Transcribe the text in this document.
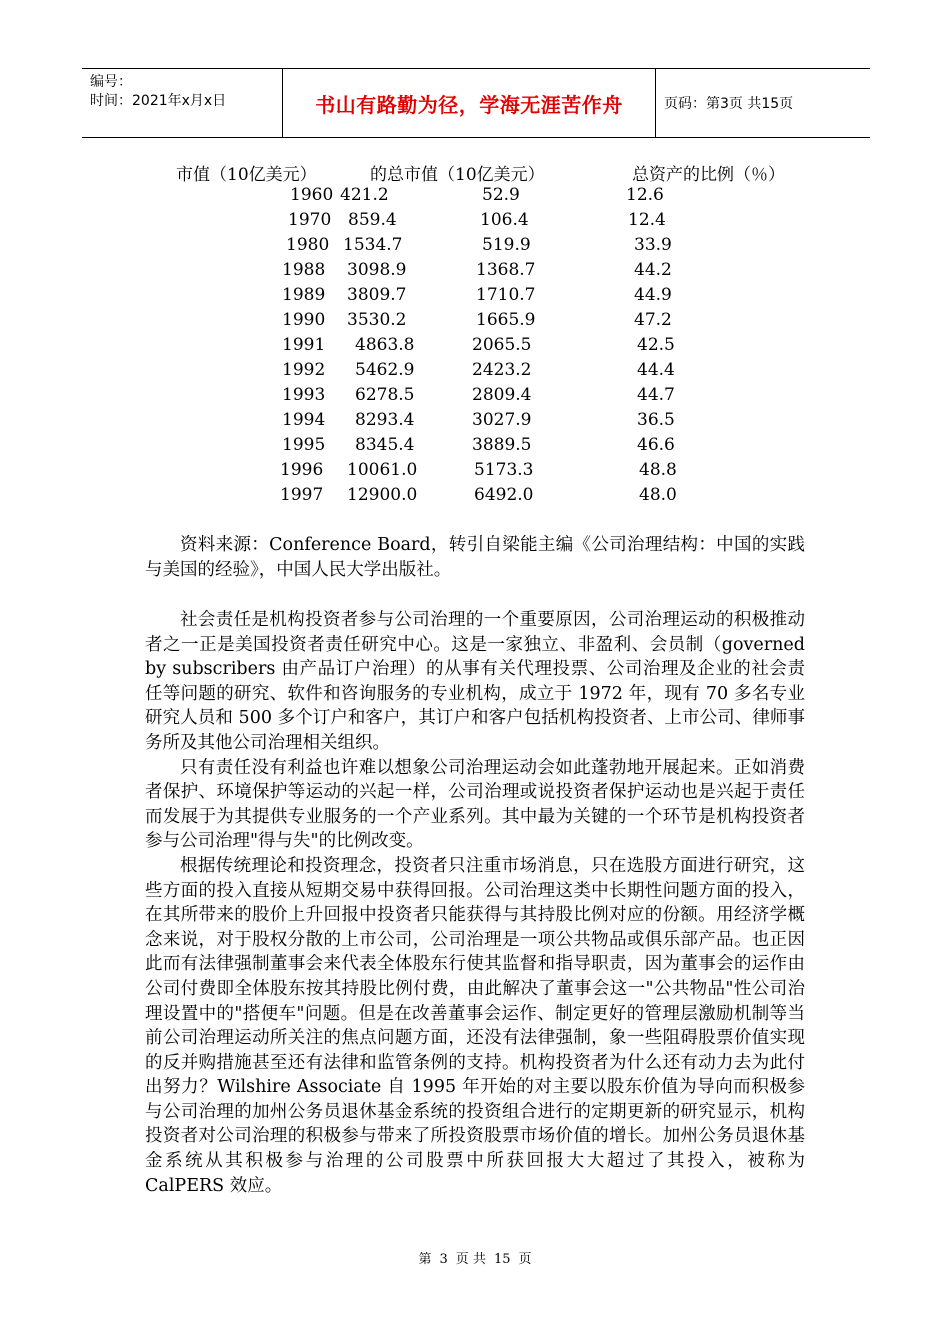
编号：
时间：2021年x月x日	书山有路勤为径，学海无涯苦作舟	页码：第3页 共15页
市值（10亿美元）	的总市值（10亿美元）	总资产的比例（％）
1960 421.2	52.9	12.6
1970 859.4	106.4	12.4
1980 1534.7	519.9	33.9
1988 3098.9	1368.7	44.2
1989 3809.7	1710.7	44.9
1990 3530.2	1665.9	47.2
1991 4863.8	2065.5	42.5
1992 5462.9	2423.2	44.4
1993 6278.5	2809.4	44.7
1994 8293.4	3027.9	36.5
1995 8345.4	3889.5	46.6
1996 10061.0	5173.3	48.8
1997 12900.0	6492.0	48.0

资料来源：Conference Board，转引自梁能主编《公司治理结构：中国的实践与美国的经验》，中国人民大学出版社。

社会责任是机构投资者参与公司治理的一个重要原因，公司治理运动的积极推动者之一正是美国投资者责任研究中心。这是一家独立、非盈利、会员制（governed by subscribers 由产品订户治理）的从事有关代理投票、公司治理及企业的社会责任等问题的研究、软件和咨询服务的专业机构，成立于 1972 年，现有 70 多名专业研究人员和 500 多个订户和客户，其订户和客户包括机构投资者、上市公司、律师事务所及其他公司治理相关组织。

只有责任没有利益也许难以想象公司治理运动会如此蓬勃地开展起来。正如消费者保护、环境保护等运动的兴起一样，公司治理或说投资者保护运动也是兴起于责任而发展于为其提供专业服务的一个产业系列。其中最为关键的一个环节是机构投资者参与公司治理"得与失"的比例改变。

根据传统理论和投资理念，投资者只注重市场消息，只在选股方面进行研究，这些方面的投入直接从短期交易中获得回报。公司治理这类中长期性问题方面的投入，在其所带来的股价上升回报中投资者只能获得与其持股比例对应的份额。用经济学概念来说，对于股权分散的上市公司，公司治理是一项公共物品或俱乐部产品。也正因此而有法律强制董事会来代表全体股东行使其监督和指导职责，因为董事会的运作由公司付费即全体股东按其持股比例付费，由此解决了董事会这一"公共物品"性公司治理设置中的"搭便车"问题。但是在改善董事会运作、制定更好的管理层激励机制等当前公司治理运动所关注的焦点问题方面，还没有法律强制，象一些阻碍股票价值实现的反并购措施甚至还有法律和监管条例的支持。机构投资者为什么还有动力去为此付出努力？Wilshire Associate 自 1995 年开始的对主要以股东价值为导向而积极参与公司治理的加州公务员退休基金系统的投资组合进行的定期更新的研究显示，机构投资者对公司治理的积极参与带来了所投资股票市场价值的增长。加州公务员退休基金系统从其积极参与治理的公司股票中所获回报大大超过了其投入，被称为 CalPERS 效应。

第 3 页 共 15 页
